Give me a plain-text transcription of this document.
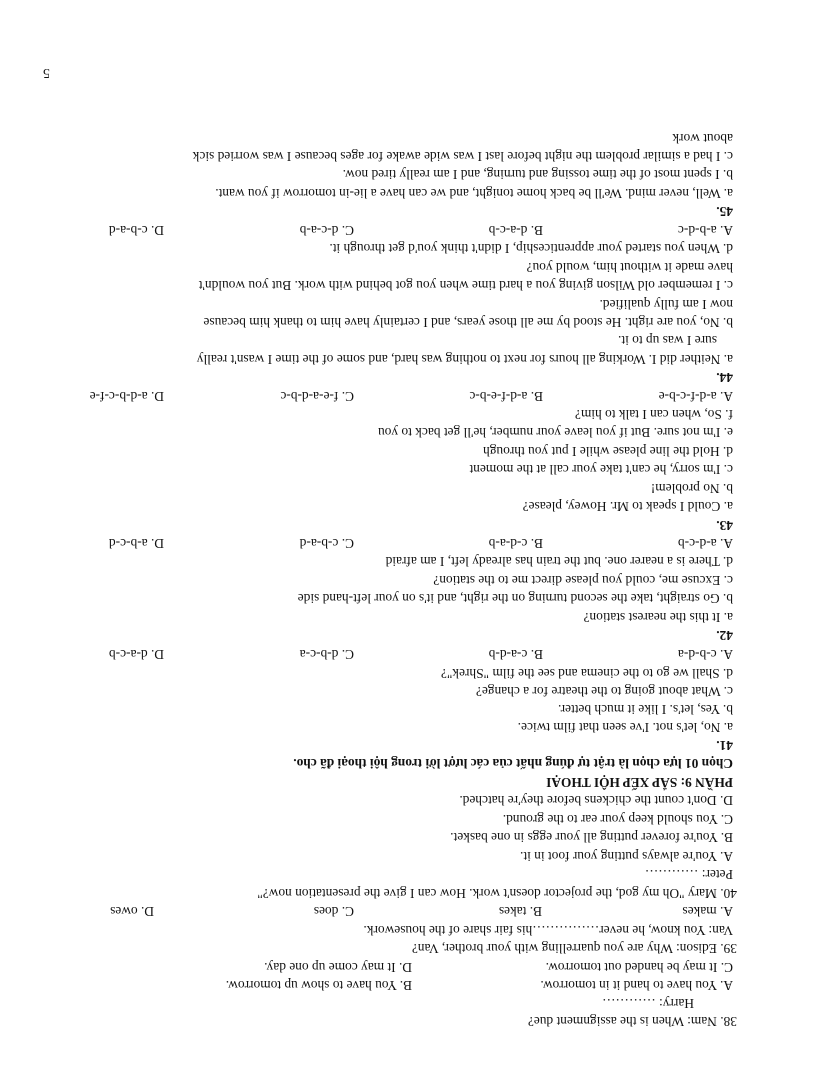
38. Nam: When is the assignment due?
Harry: …………
A. You have to hand it in tomorrow.
B. You have to show up tomorrow.
C. It may be handed out tomorrow.
D. It may come up one day.
39. Edison: Why are you quarrelling with your brother, Van?
Van: You know, he never……………his fair share of the housework.
A. makes
B. takes
C. does
D. owes
40. Mary "Oh my god, the projector doesn't work. How can I give the presentation now?"
Peter: …………
A. You're always putting your foot in it.
B. You're forever putting all your eggs in one basket.
C. You should keep your ear to the ground.
D. Don't count the chickens before they're hatched.
PHẦN 9: SẮP XẾP HỘI THOẠI
Chọn 01 lựa chọn là trật tự đúng nhất của các lượt lời trong hội thoại đã cho.
41.
a. No, let's not. I've seen that film twice.
b. Yes, let's. I like it much better.
c. What about going to the theatre for a change?
d. Shall we go to the cinema and see the film "Shrek"?
A. c-b-d-a
B. c-a-d-b
C. d-b-c-a
D. d-a-c-b
42.
a. It this the nearest station?
b. Go straight, take the second turning on the right, and it's on your left-hand side
c. Excuse me, could you please direct me to the station?
d. There is a nearer one. but the train has already left, I am afraid
A. a-d-c-b
B. c-d-a-b
C. c-b-a-d
D. a-b-c-d
43.
a. Could I speak to Mr. Howey, please?
b. No problem!
c. I'm sorry, he can't take your call at the moment
d. Hold the line please while I put you through
e. I'm not sure. But if you leave your number, he'll get back to you
f. So, when can I talk to him?
A. a-d-f-c-b-e
B. a-d-f-e-b-c
C. f-e-a-d-b-c
D. a-d-b-c-f-e
44.
a. Neither did I. Working all hours for next to nothing was hard, and some of the time I wasn't really
sure I was up to it.
b. No, you are right. He stood by me all those years, and I certainly have him to thank him because
now I am fully qualified.
c. I remember old Wilson giving you a hard time when you got behind with work. But you wouldn't
have made it without him, would you?
d. When you started your apprenticeship, I didn't think you'd get through it.
A. a-b-d-c
B. d-a-c-b
C. d-c-a-b
D. c-b-a-d
45.
a. Well, never mind. We'll be back home tonight, and we can have a lie-in tomorrow if you want.
b. I spent most of the time tossing and turning, and I am really tired now.
c. I had a similar problem the night before last I was wide awake for ages because I was worried sick
about work
5
